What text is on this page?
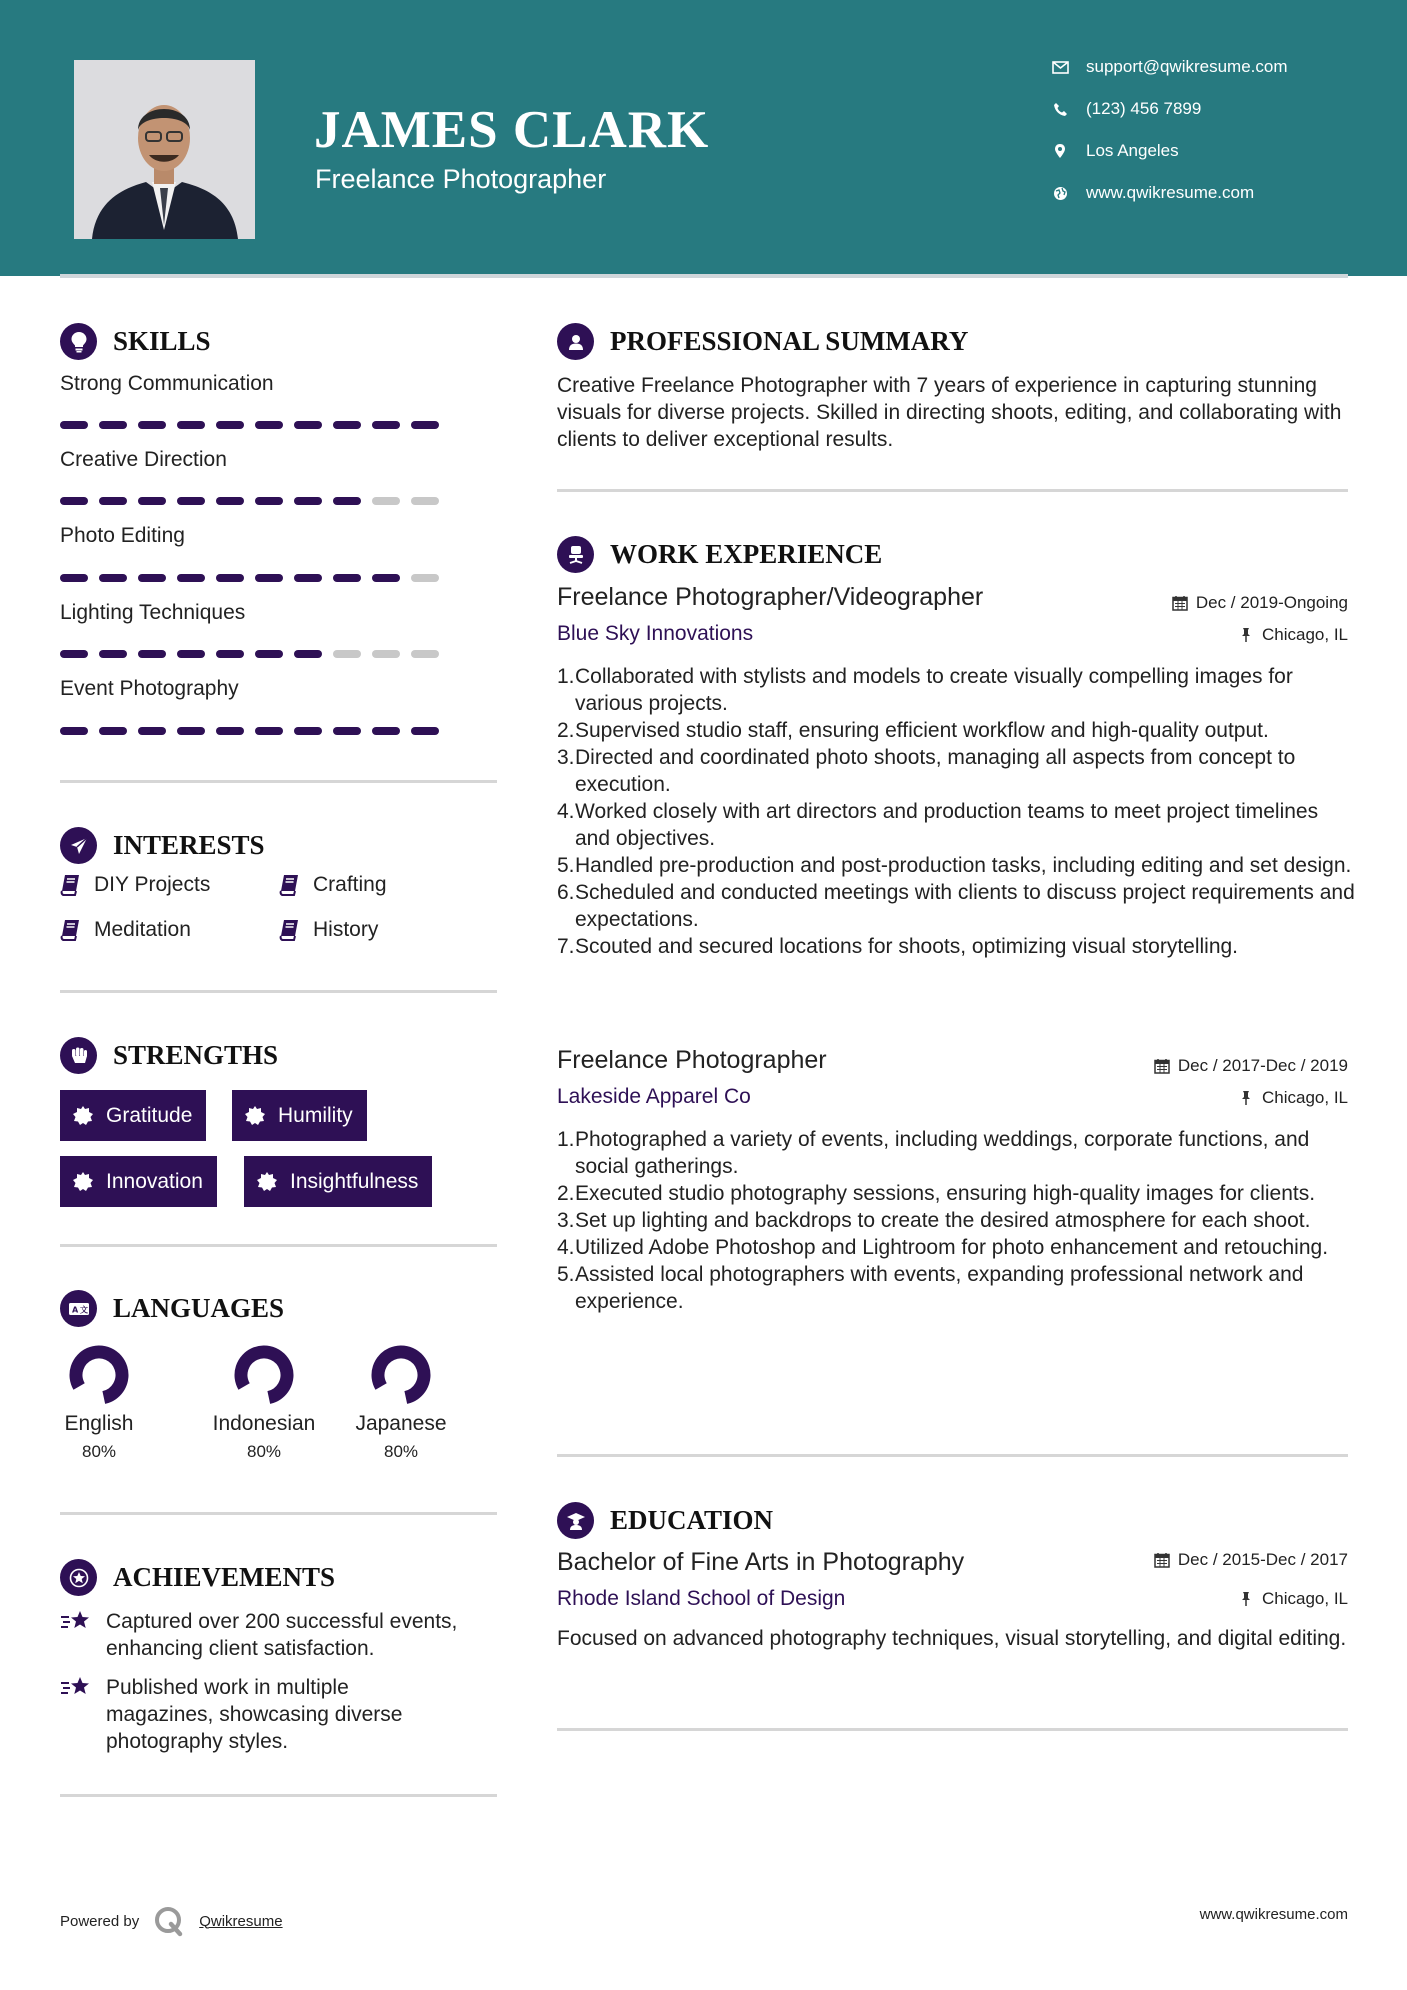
JAMES CLARK
Freelance Photographer
support@qwikresume.com
(123) 456 7899
Los Angeles
www.qwikresume.com
SKILLS
Strong Communication
Creative Direction
Photo Editing
Lighting Techniques
Event Photography
INTERESTS
DIY Projects	Crafting
Meditation	History
STRENGTHS
Gratitude	Humility
Innovation	Insightfulness
A 文 LANGUAGES
English
80%
Indonesian
80%
Japanese
80%
ACHIEVEMENTS
Captured over 200 successful events, enhancing client satisfaction.
Published work in multiple magazines, showcasing diverse photography styles.
PROFESSIONAL SUMMARY
Creative Freelance Photographer with 7 years of experience in capturing stunning visuals for diverse projects. Skilled in directing shoots, editing, and collaborating with clients to deliver exceptional results.
WORK EXPERIENCE
Freelance Photographer/Videographer	Dec / 2019-Ongoing
Blue Sky Innovations	Chicago, IL
1. Collaborated with stylists and models to create visually compelling images for various projects.
2. Supervised studio staff, ensuring efficient workflow and high-quality output.
3. Directed and coordinated photo shoots, managing all aspects from concept to execution.
4. Worked closely with art directors and production teams to meet project timelines and objectives.
5. Handled pre-production and post-production tasks, including editing and set design.
6. Scheduled and conducted meetings with clients to discuss project requirements and expectations.
7. Scouted and secured locations for shoots, optimizing visual storytelling.
Freelance Photographer	Dec / 2017-Dec / 2019
Lakeside Apparel Co	Chicago, IL
1. Photographed a variety of events, including weddings, corporate functions, and social gatherings.
2. Executed studio photography sessions, ensuring high-quality images for clients.
3. Set up lighting and backdrops to create the desired atmosphere for each shoot.
4. Utilized Adobe Photoshop and Lightroom for photo enhancement and retouching.
5. Assisted local photographers with events, expanding professional network and experience.
EDUCATION
Bachelor of Fine Arts in Photography	Dec / 2015-Dec / 2017
Rhode Island School of Design	Chicago, IL
Focused on advanced photography techniques, visual storytelling, and digital editing.
Powered by	Qwikresume	www.qwikresume.com
